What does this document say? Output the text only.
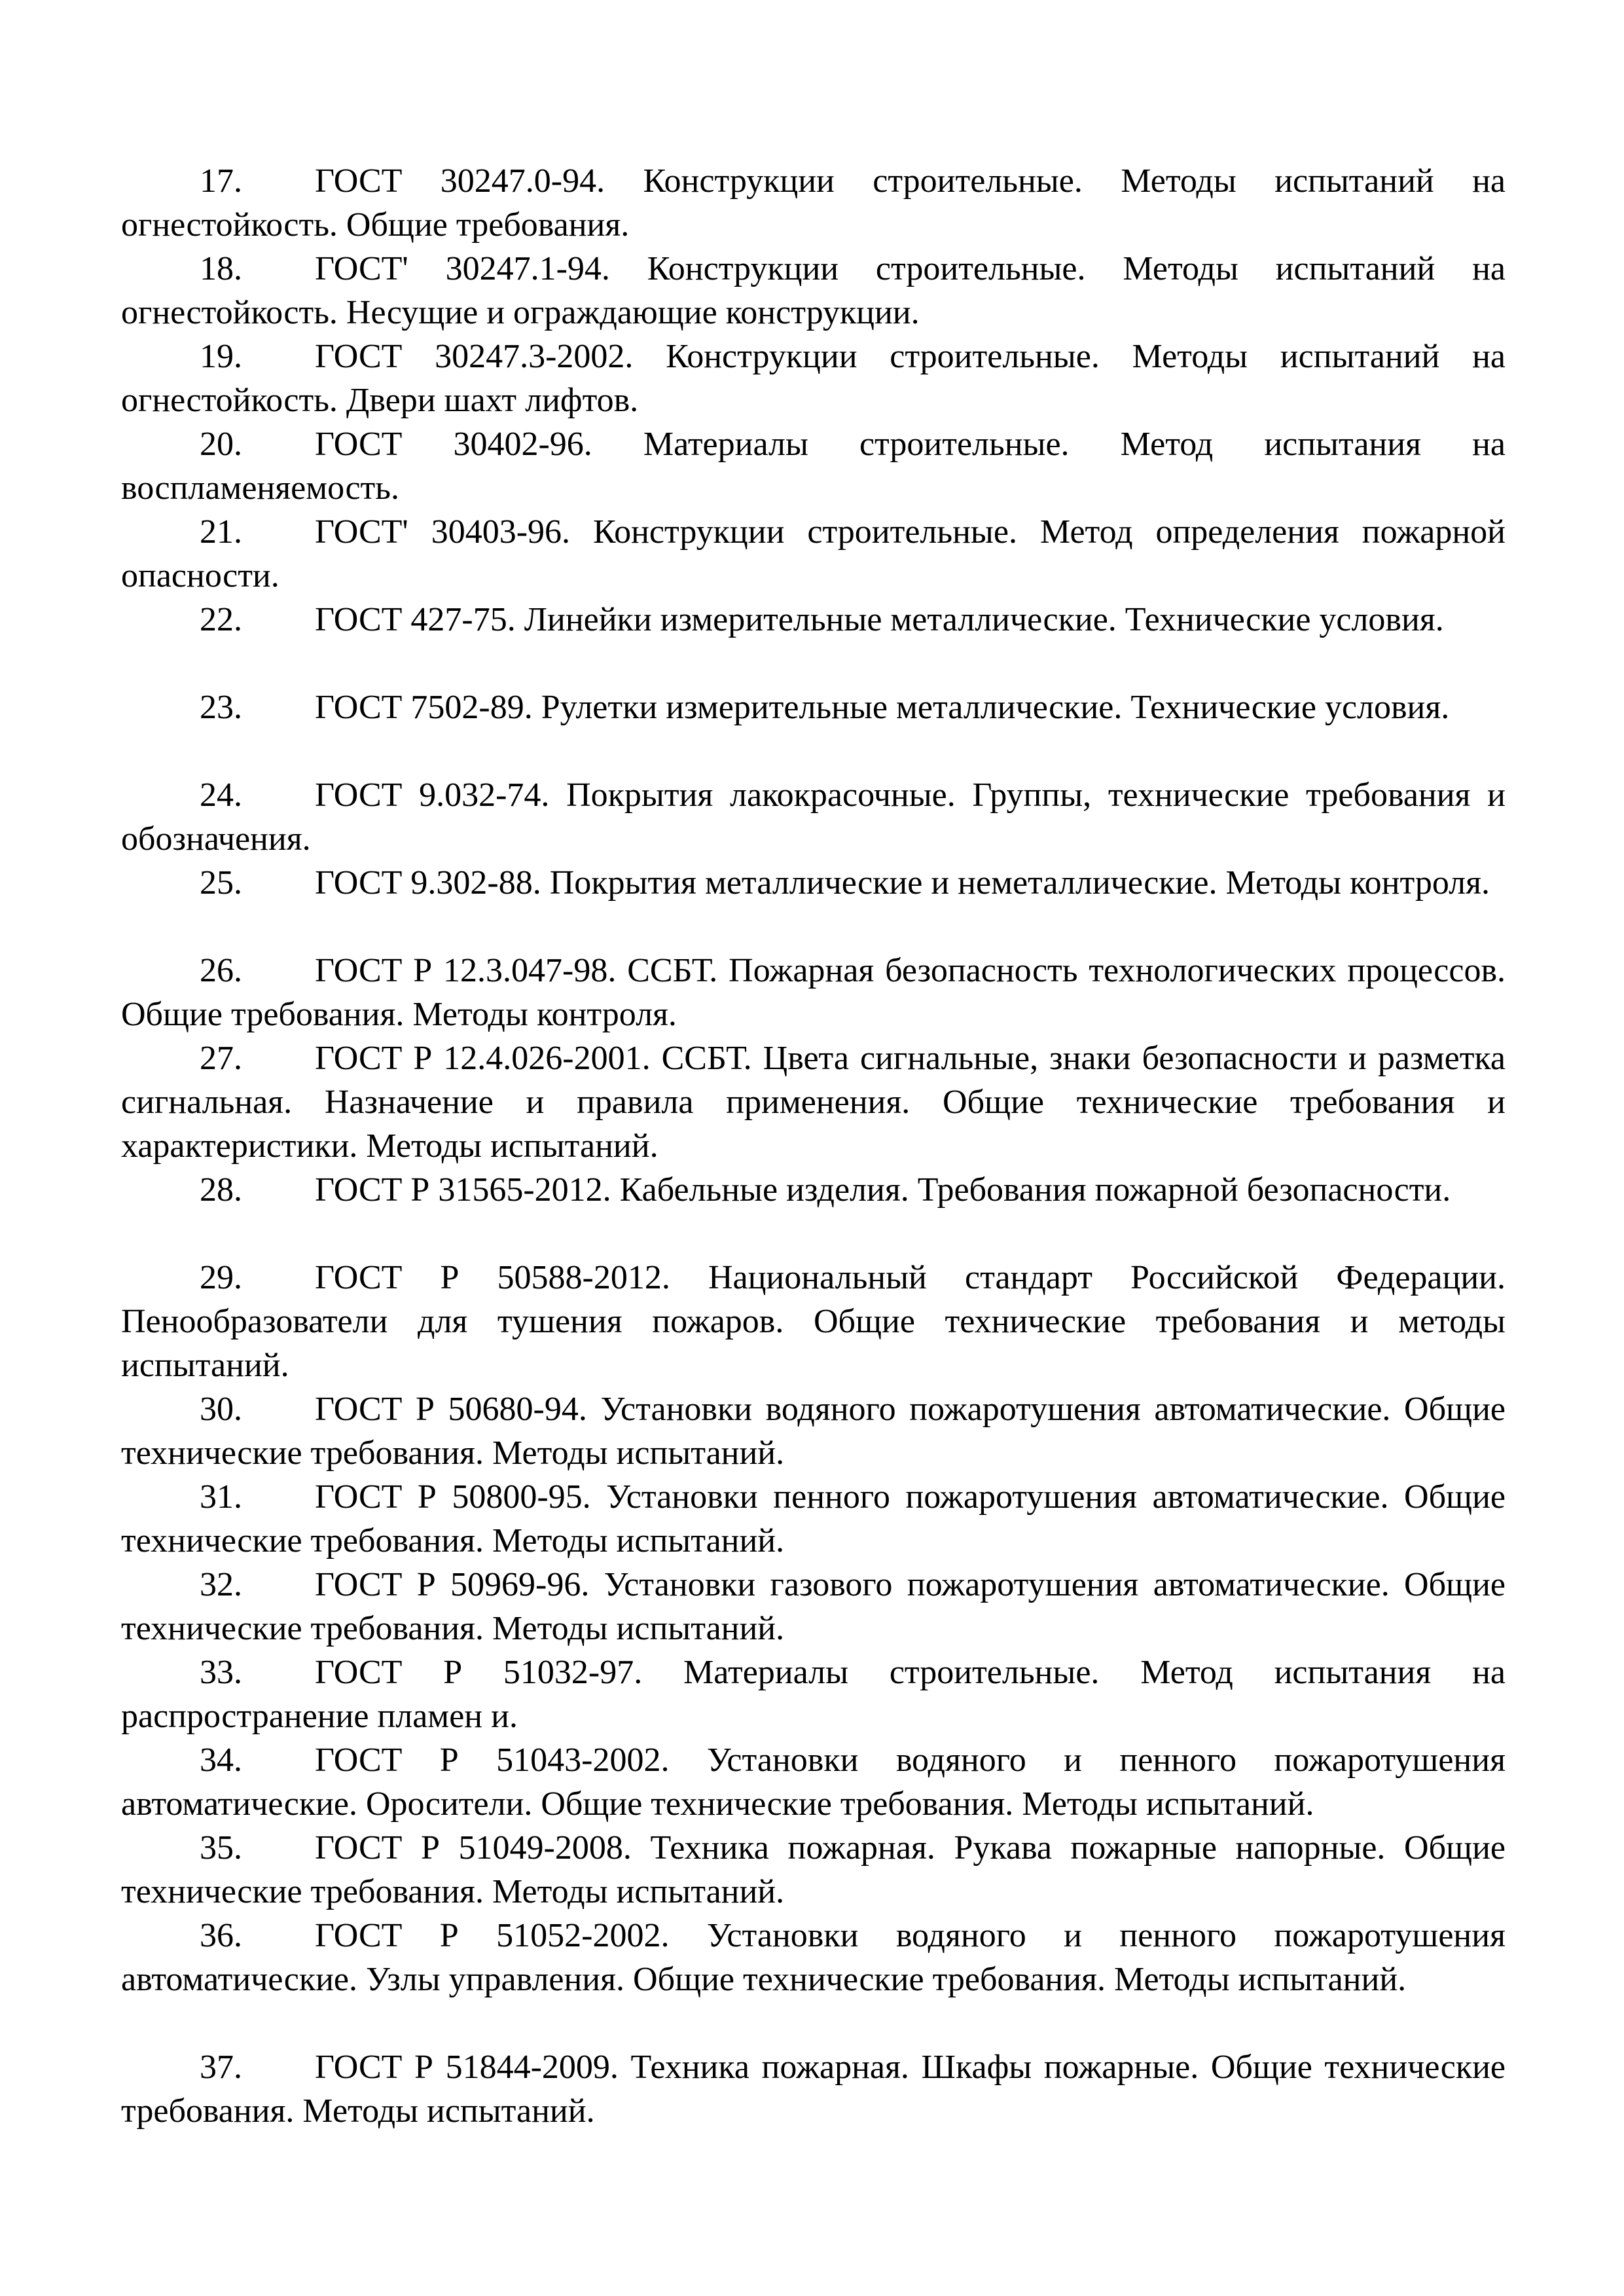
17. ГОСТ 30247.0-94. Конструкции строительные. Методы испытаний на огнестойкость. Общие требования.

18. ГОСТ' 30247.1-94. Конструкции строительные. Методы испытаний на огнестойкость. Несущие и ограждающие конструкции.

19. ГОСТ 30247.3-2002. Конструкции строительные. Методы испытаний на огнестойкость. Двери шахт лифтов.

20. ГОСТ 30402-96. Материалы строительные. Метод испытания на воспламеняемость.

21. ГОСТ' 30403-96. Конструкции строительные. Метод определения пожарной опасности.

22. ГОСТ 427-75. Линейки измерительные металлические. Технические условия.

23. ГОСТ 7502-89. Рулетки измерительные металлические. Технические условия.

24. ГОСТ 9.032-74. Покрытия лакокрасочные. Группы, технические требования и обозначения.

25. ГОСТ 9.302-88. Покрытия металлические и неметаллические. Методы контроля.

26. ГОСТ Р 12.3.047-98. ССБТ. Пожарная безопасность технологических процессов. Общие требования. Методы контроля.

27. ГОСТ Р 12.4.026-2001. ССБТ. Цвета сигнальные, знаки безопасности и разметка сигнальная. Назначение и правила применения. Общие технические требования и характеристики. Методы испытаний.

28. ГОСТ Р 31565-2012. Кабельные изделия. Требования пожарной безопасности.

29. ГОСТ Р 50588-2012. Национальный стандарт Российской Федерации. Пенообразователи для тушения пожаров. Общие технические требования и методы испытаний.

30. ГОСТ Р 50680-94. Установки водяного пожаротушения автоматические. Общие технические требования. Методы испытаний.

31. ГОСТ Р 50800-95. Установки пенного пожаротушения автоматические. Общие технические требования. Методы испытаний.

32. ГОСТ Р 50969-96. Установки газового пожаротушения автоматические. Общие технические требования. Методы испытаний.

33. ГОСТ Р 51032-97. Материалы строительные. Метод испытания на распространение пламен и.

34. ГОСТ Р 51043-2002. Установки водяного и пенного пожаротушения автоматические. Оросители. Общие технические требования. Методы испытаний.

35. ГОСТ Р 51049-2008. Техника пожарная. Рукава пожарные напорные. Общие технические требования. Методы испытаний.

36. ГОСТ Р 51052-2002. Установки водяного и пенного пожаротушения автоматические. Узлы управления. Общие технические требования. Методы испытаний.

37. ГОСТ Р 51844-2009. Техника пожарная. Шкафы пожарные. Общие технические требования. Методы испытаний.
